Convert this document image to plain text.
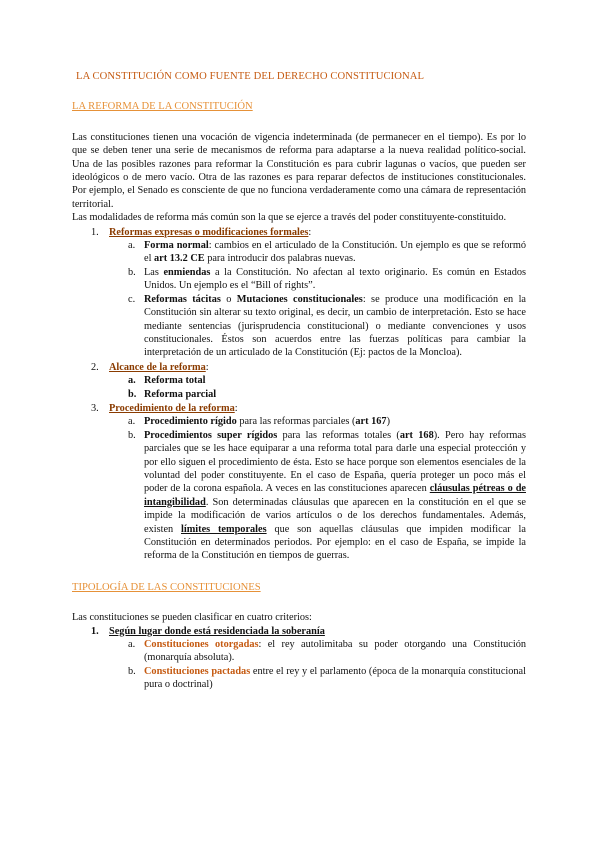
LA CONSTITUCIÓN COMO FUENTE DEL DERECHO CONSTITUCIONAL
LA REFORMA DE LA CONSTITUCIÓN

Las constituciones tienen una vocación de vigencia indeterminada (de permanecer en el tiempo). Es por lo que se deben tener una serie de mecanismos de reforma para adaptarse a la nueva realidad político-social. Una de las posibles razones para reformar la Constitución es para cubrir lagunas o vacíos, que pueden ser ideológicos o de mero vacío. Otra de las razones es para reparar defectos de instituciones constitucionales. Por ejemplo, el Senado es consciente de que no funciona verdaderamente como una cámara de representación territorial.

Las modalidades de reforma más común son la que se ejerce a través del poder constituyente-constituido.

1. Reformas expresas o modificaciones formales:
a. Forma normal: cambios en el articulado de la Constitución. Un ejemplo es que se reformó el art 13.2 CE para introducir dos palabras nuevas.
b. Las enmiendas a la Constitución. No afectan al texto originario. Es común en Estados Unidos. Un ejemplo es el “Bill of rights”.
c. Reformas tácitas o Mutaciones constitucionales: se produce una modificación en la Constitución sin alterar su texto original, es decir, un cambio de interpretación. Esto se hace mediante sentencias (jurisprudencia constitucional) o mediante convenciones y usos constitucionales. Éstos son acuerdos entre las fuerzas políticas para cambiar la interpretación de un articulado de la Constitución (Ej: pactos de la Moncloa).
2. Alcance de la reforma:
a. Reforma total
b. Reforma parcial
3. Procedimiento de la reforma:
a. Procedimiento rígido para las reformas parciales (art 167)
b. Procedimientos super rígidos para las reformas totales (art 168). Pero hay reformas parciales que se les hace equiparar a una reforma total para darle una especial protección y por ello siguen el procedimiento de ésta. Esto se hace porque son elementos esenciales de la voluntad del poder constituyente. En el caso de España, quería proteger un poco más el poder de la corona española. A veces en las constituciones aparecen cláusulas pétreas o de intangibilidad. Son determinadas cláusulas que aparecen en la constitución en el que se impide la modificación de varios artículos o de los derechos fundamentales. Además, existen límites temporales que son aquellas cláusulas que impiden modificar la Constitución en determinados periodos. Por ejemplo: en el caso de España, se impide la reforma de la Constitución en tiempos de guerras.
TIPOLOGÍA DE LAS CONSTITUCIONES

Las constituciones se pueden clasificar en cuatro criterios:

1. Según lugar donde está residenciada la soberanía
a. Constituciones otorgadas: el rey autolimitaba su poder otorgando una Constitución (monarquía absoluta).
b. Constituciones pactadas entre el rey y el parlamento (época de la monarquía constitucional pura o doctrinal)
